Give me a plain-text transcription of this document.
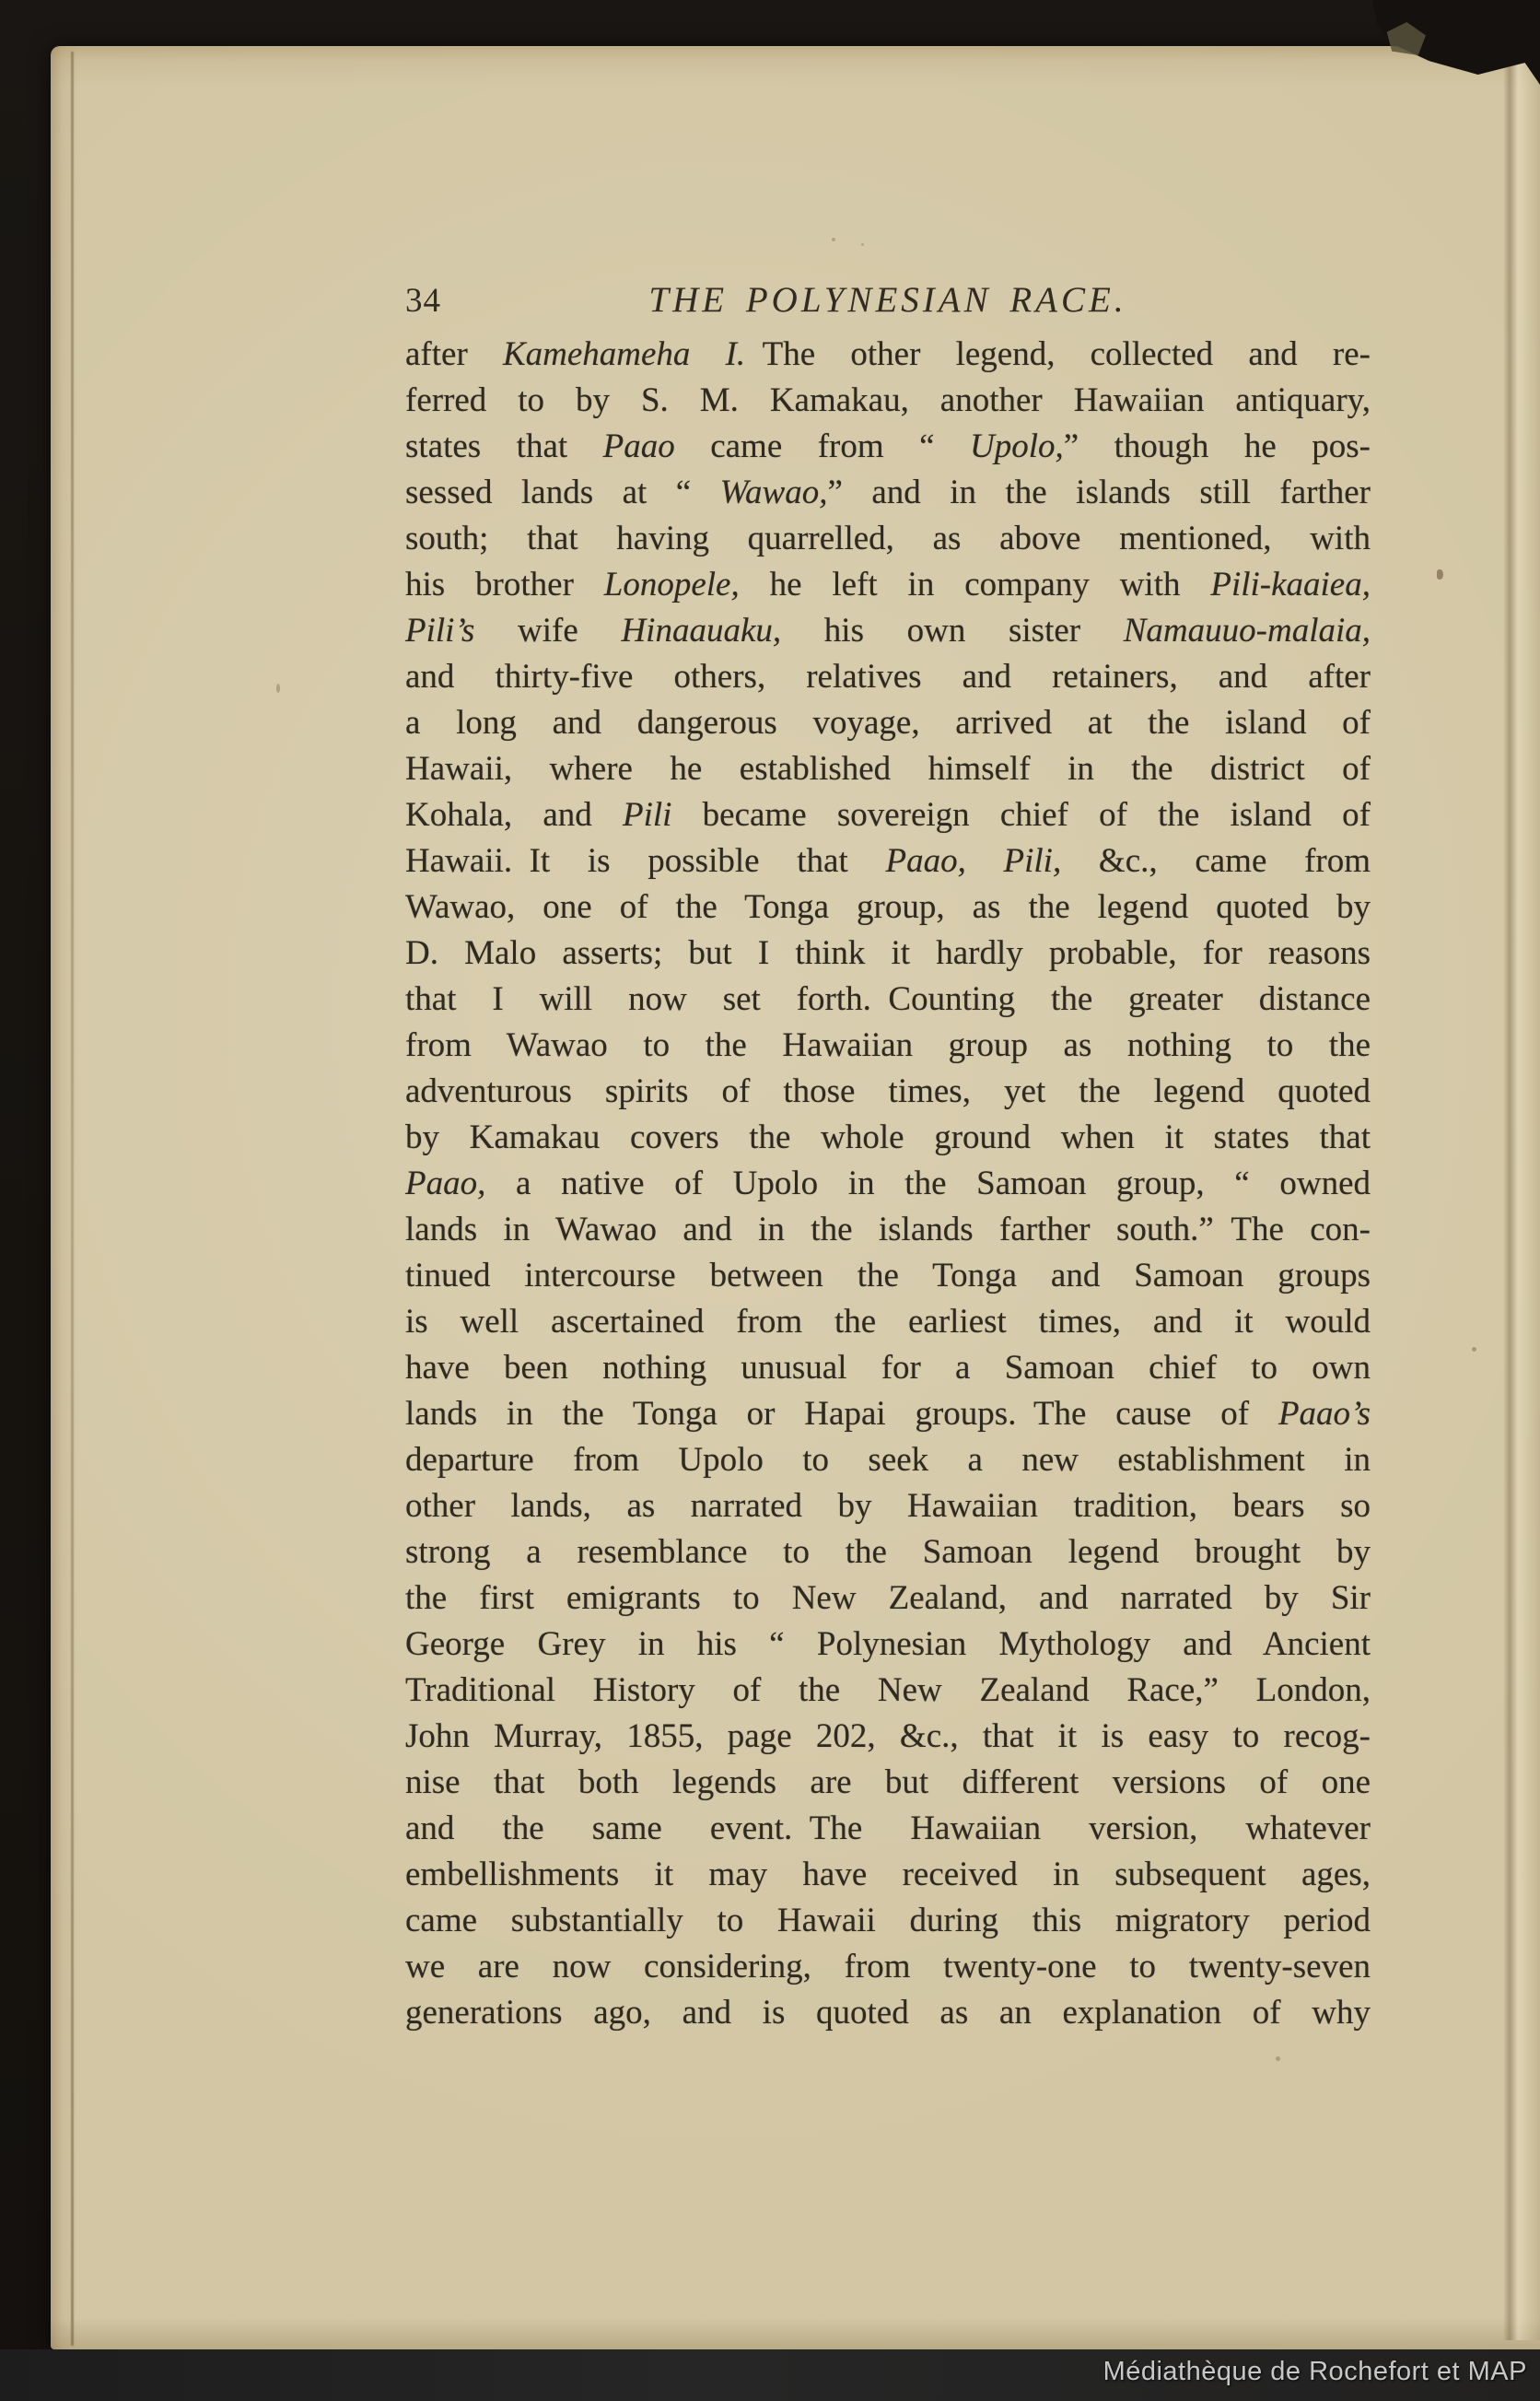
34	THE POLYNESIAN RACE.
after Kamehameha I. The other legend, collected and re-
ferred to by S. M. Kamakau, another Hawaiian antiquary,
states that Paao came from “ Upolo,” though he pos-
sessed lands at “ Wawao,” and in the islands still farther
south; that having quarrelled, as above mentioned, with
his brother Lonopele, he left in company with Pili-kaaiea,
Pili’s wife Hinaauaku, his own sister Namauuo-malaia,
and thirty-five others, relatives and retainers, and after
a long and dangerous voyage, arrived at the island of
Hawaii, where he established himself in the district of
Kohala, and Pili became sovereign chief of the island of
Hawaii. It is possible that Paao, Pili, &c., came from
Wawao, one of the Tonga group, as the legend quoted by
D. Malo asserts; but I think it hardly probable, for reasons
that I will now set forth. Counting the greater distance
from Wawao to the Hawaiian group as nothing to the
adventurous spirits of those times, yet the legend quoted
by Kamakau covers the whole ground when it states that
Paao, a native of Upolo in the Samoan group, “ owned
lands in Wawao and in the islands farther south.” The con-
tinued intercourse between the Tonga and Samoan groups
is well ascertained from the earliest times, and it would
have been nothing unusual for a Samoan chief to own
lands in the Tonga or Hapai groups. The cause of Paao’s
departure from Upolo to seek a new establishment in
other lands, as narrated by Hawaiian tradition, bears so
strong a resemblance to the Samoan legend brought by
the first emigrants to New Zealand, and narrated by Sir
George Grey in his “ Polynesian Mythology and Ancient
Traditional History of the New Zealand Race,” London,
John Murray, 1855, page 202, &c., that it is easy to recog-
nise that both legends are but different versions of one
and the same event. The Hawaiian version, whatever
embellishments it may have received in subsequent ages,
came substantially to Hawaii during this migratory period
we are now considering, from twenty-one to twenty-seven
generations ago, and is quoted as an explanation of why
Médiathèque de Rochefort et MAP
